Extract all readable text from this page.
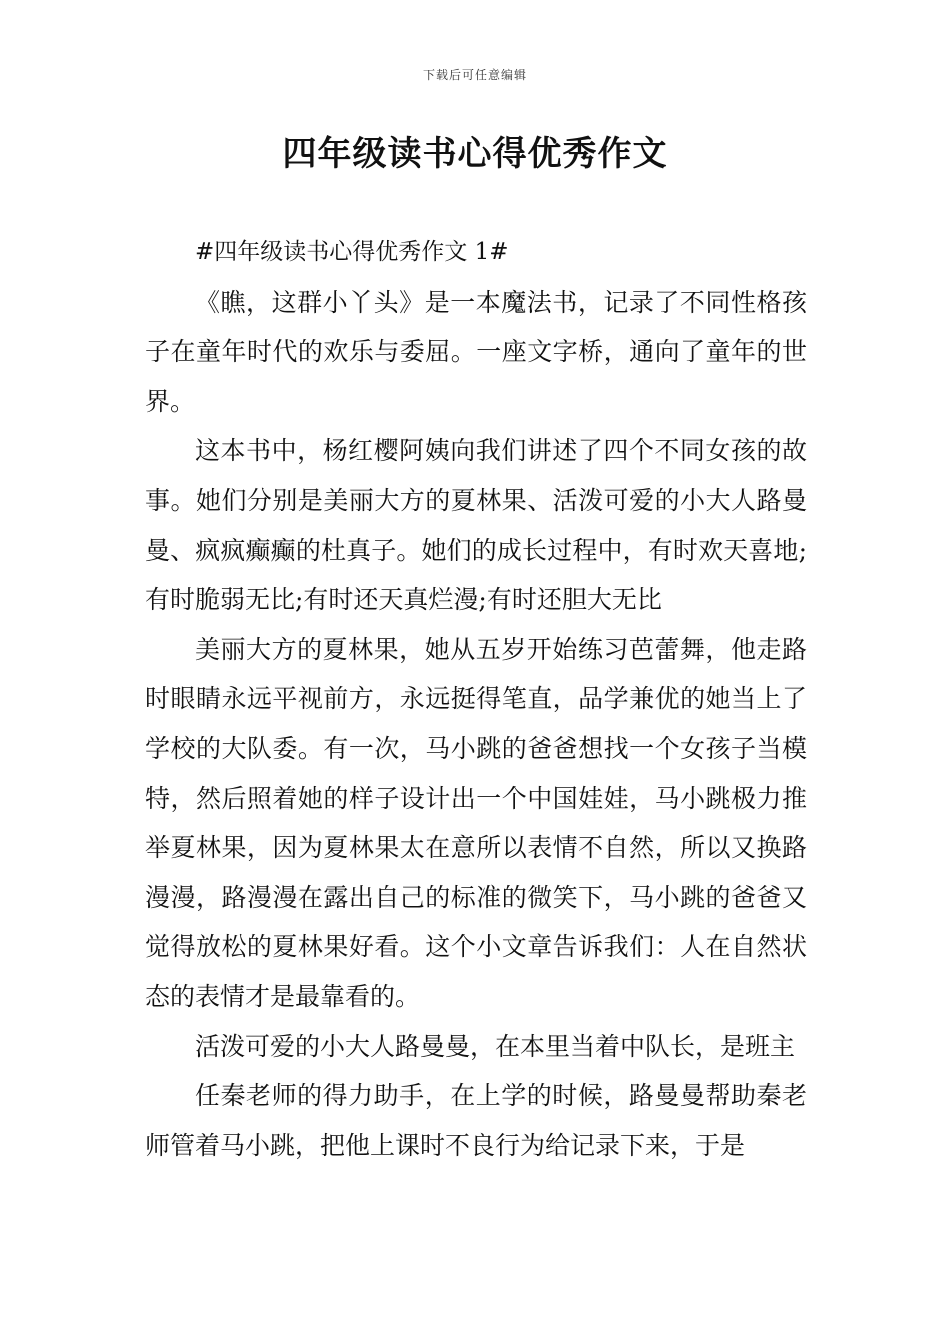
下载后可任意编辑
四年级读书心得优秀作文

#四年级读书心得优秀作文 1#

《瞧，这群小丫头》是一本魔法书，记录了不同性格孩子在童年时代的欢乐与委屈。一座文字桥，通向了童年的世界。

这本书中，杨红樱阿姨向我们讲述了四个不同女孩的故事。她们分别是美丽大方的夏林果、活泼可爱的小大人路曼曼、疯疯癫癫的杜真子。她们的成长过程中，有时欢天喜地;有时脆弱无比;有时还天真烂漫;有时还胆大无比

美丽大方的夏林果，她从五岁开始练习芭蕾舞，他走路时眼睛永远平视前方，永远挺得笔直，品学兼优的她当上了学校的大队委。有一次，马小跳的爸爸想找一个女孩子当模特，然后照着她的样子设计出一个中国娃娃，马小跳极力推举夏林果，因为夏林果太在意所以表情不自然，所以又换路漫漫，路漫漫在露出自己的标准的微笑下，马小跳的爸爸又觉得放松的夏林果好看。这个小文章告诉我们：人在自然状态的表情才是最靠看的。

活泼可爱的小大人路曼曼，在本里当着中队长，是班主

任秦老师的得力助手，在上学的时候，路曼曼帮助秦老师管着马小跳，把他上课时不良行为给记录下来，于是
